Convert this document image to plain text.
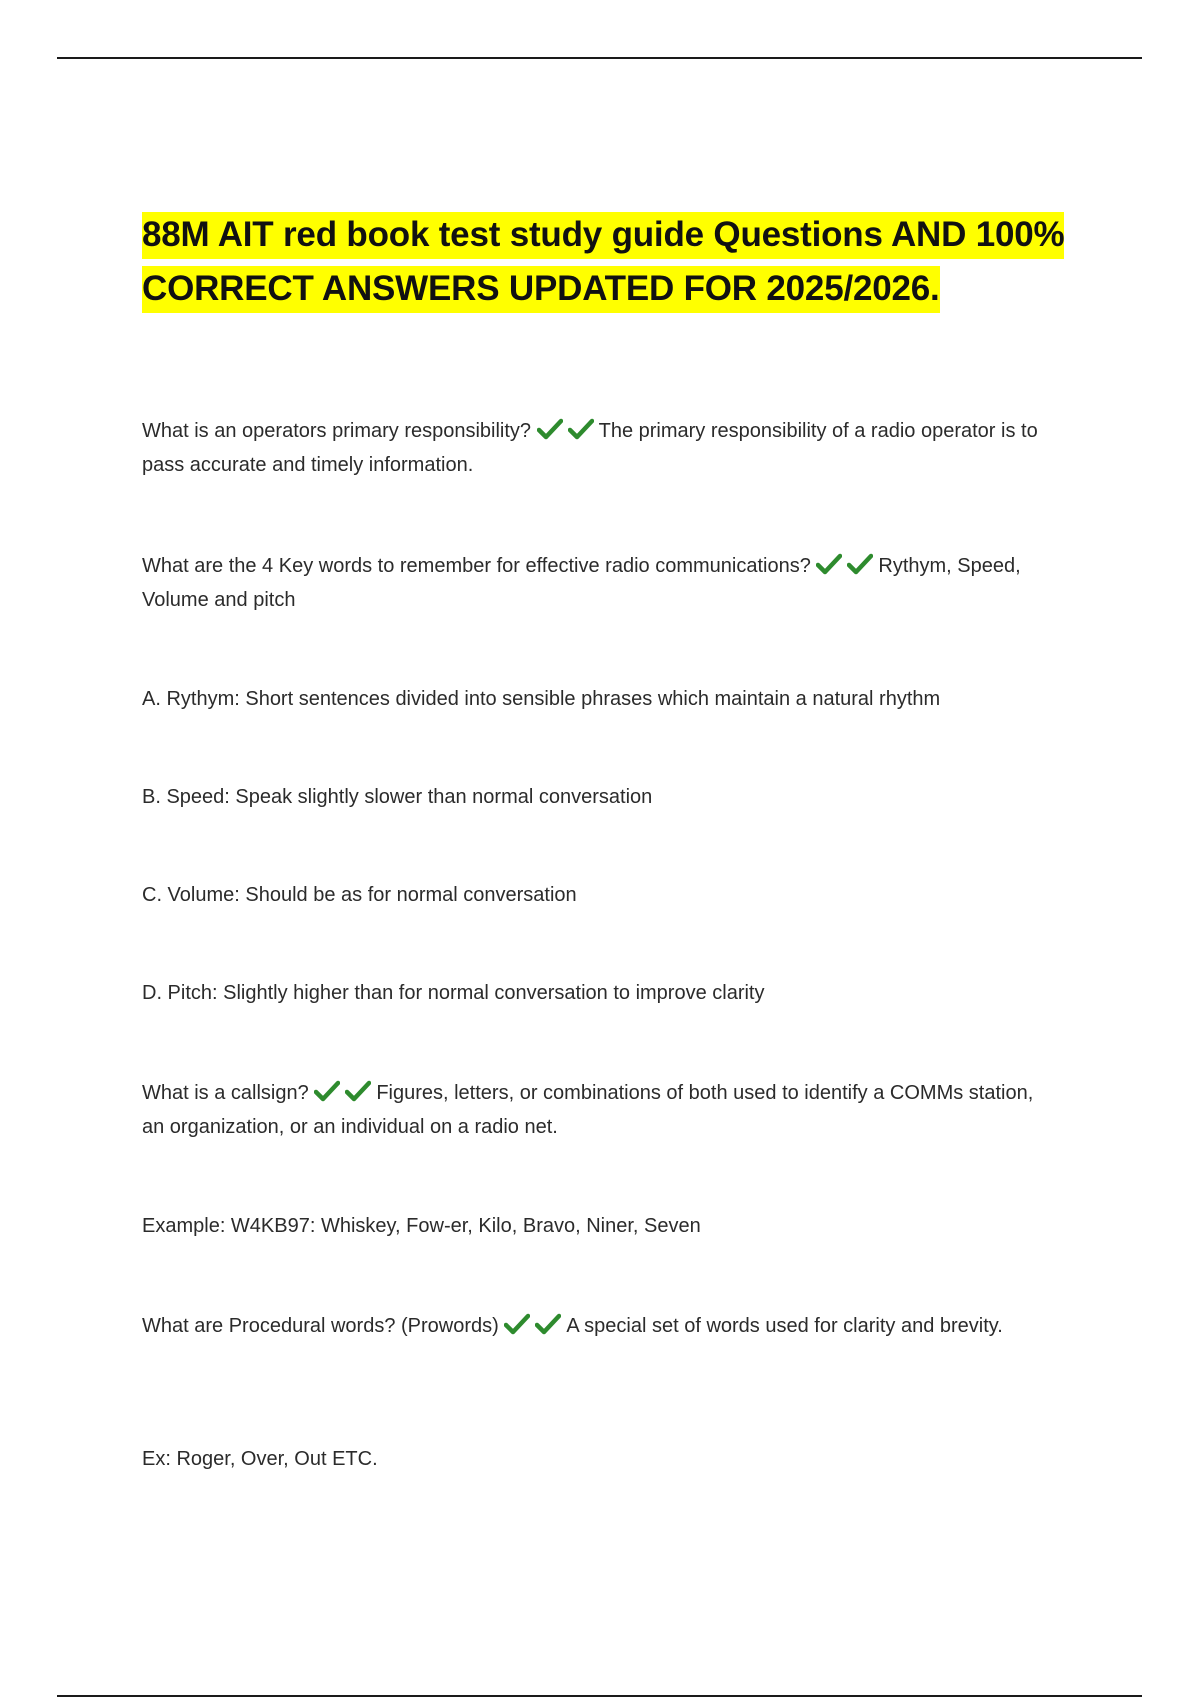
88M AIT red book test study guide Questions AND 100% CORRECT ANSWERS UPDATED FOR 2025/2026.

What is an operators primary responsibility?	The primary responsibility of a radio operator is to pass accurate and timely information.

What are the 4 Key words to remember for effective radio communications?	Rythym, Speed, Volume and pitch

A. Rythym: Short sentences divided into sensible phrases which maintain a natural rhythm

B. Speed: Speak slightly slower than normal conversation

C. Volume: Should be as for normal conversation

D. Pitch: Slightly higher than for normal conversation to improve clarity

What is a callsign?	Figures, letters, or combinations of both used to identify a COMMs station, an organization, or an individual on a radio net.

Example: W4KB97: Whiskey, Fow-er, Kilo, Bravo, Niner, Seven

What are Procedural words? (Prowords)	A special set of words used for clarity and brevity.

Ex: Roger, Over, Out ETC.
